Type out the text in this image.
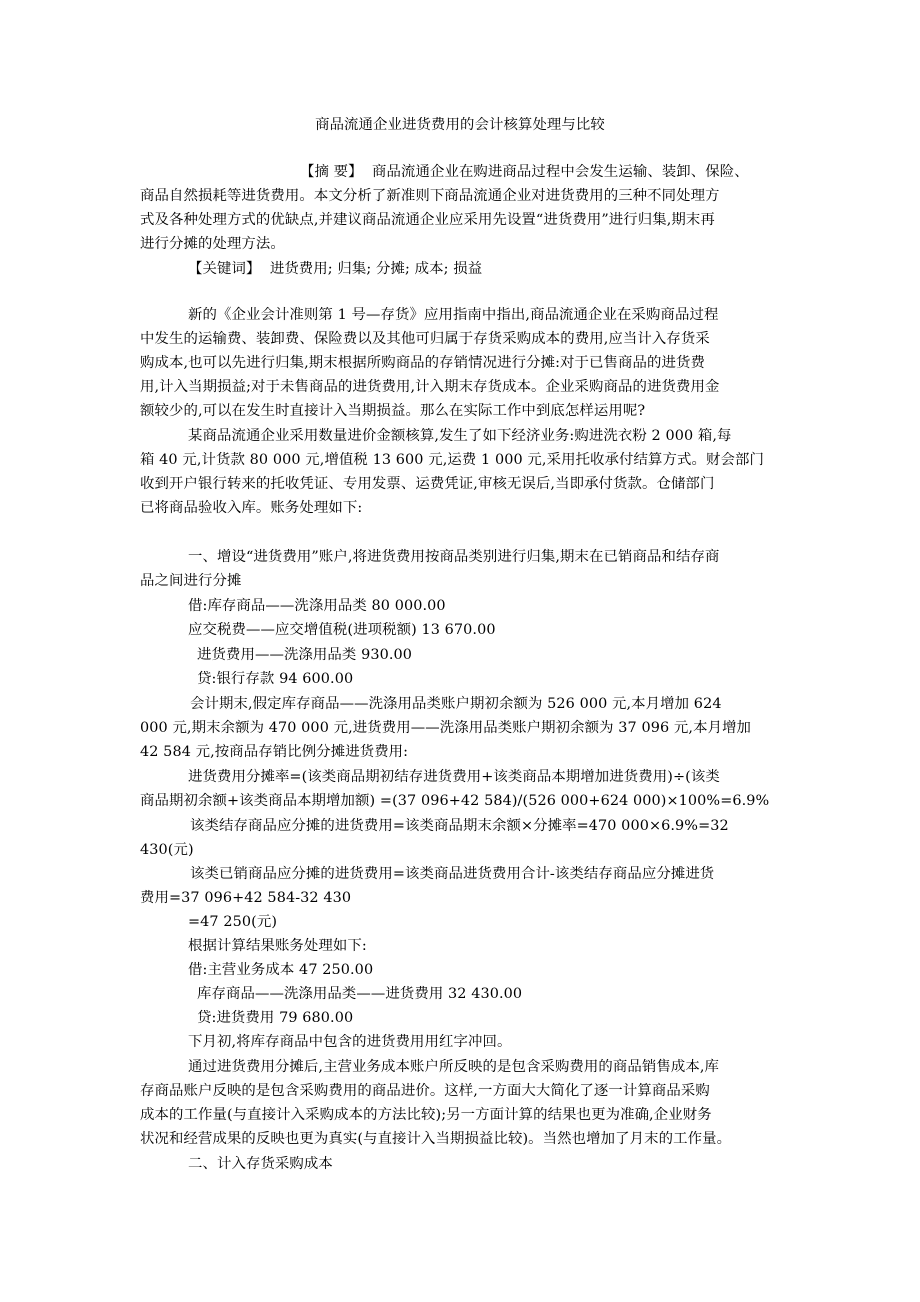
商品流通企业进货费用的会计核算处理与比较
【摘 要】 商品流通企业在购进商品过程中会发生运输、装卸、保险、
商品自然损耗等进货费用。本文分析了新准则下商品流通企业对进货费用的三种不同处理方
式及各种处理方式的优缺点,并建议商品流通企业应采用先设置“进货费用”进行归集,期末再
进行分摊的处理方法。
【关键词】 进货费用; 归集; 分摊; 成本; 损益
新的《企业会计准则第 1 号—存货》应用指南中指出,商品流通企业在采购商品过程
中发生的运输费、装卸费、保险费以及其他可归属于存货采购成本的费用,应当计入存货采
购成本,也可以先进行归集,期末根据所购商品的存销情况进行分摊:对于已售商品的进货费
用,计入当期损益;对于未售商品的进货费用,计入期末存货成本。企业采购商品的进货费用金
额较少的,可以在发生时直接计入当期损益。那么在实际工作中到底怎样运用呢?
某商品流通企业采用数量进价金额核算,发生了如下经济业务:购进洗衣粉 2 000 箱,每
箱 40 元,计货款 80 000 元,增值税 13 600 元,运费 1 000 元,采用托收承付结算方式。财会部门
收到开户银行转来的托收凭证、专用发票、运费凭证,审核无误后,当即承付货款。仓储部门
已将商品验收入库。账务处理如下:
一、增设“进货费用”账户,将进货费用按商品类别进行归集,期末在已销商品和结存商
品之间进行分摊
借:库存商品——洗涤用品类 80 000.00
应交税费——应交增值税(进项税额) 13 670.00
进货费用——洗涤用品类 930.00
贷:银行存款 94 600.00
会计期末,假定库存商品——洗涤用品类账户期初余额为 526 000 元,本月增加 624
000 元,期末余额为 470 000 元,进货费用——洗涤用品类账户期初余额为 37 096 元,本月增加
42 584 元,按商品存销比例分摊进货费用:
进货费用分摊率=(该类商品期初结存进货费用+该类商品本期增加进货费用)÷(该类
商品期初余额+该类商品本期增加额) =(37 096+42 584)/(526 000+624 000)×100%=6.9%
该类结存商品应分摊的进货费用=该类商品期末余额×分摊率=470 000×6.9%=32
430(元)
该类已销商品应分摊的进货费用=该类商品进货费用合计-该类结存商品应分摊进货
费用=37 096+42 584-32 430
=47 250(元)
根据计算结果账务处理如下:
借:主营业务成本 47 250.00
库存商品——洗涤用品类——进货费用 32 430.00
贷:进货费用 79 680.00
下月初,将库存商品中包含的进货费用用红字冲回。
通过进货费用分摊后,主营业务成本账户所反映的是包含采购费用的商品销售成本,库
存商品账户反映的是包含采购费用的商品进价。这样,一方面大大简化了逐一计算商品采购
成本的工作量(与直接计入采购成本的方法比较);另一方面计算的结果也更为准确,企业财务
状况和经营成果的反映也更为真实(与直接计入当期损益比较)。当然也增加了月末的工作量。
二、计入存货采购成本
